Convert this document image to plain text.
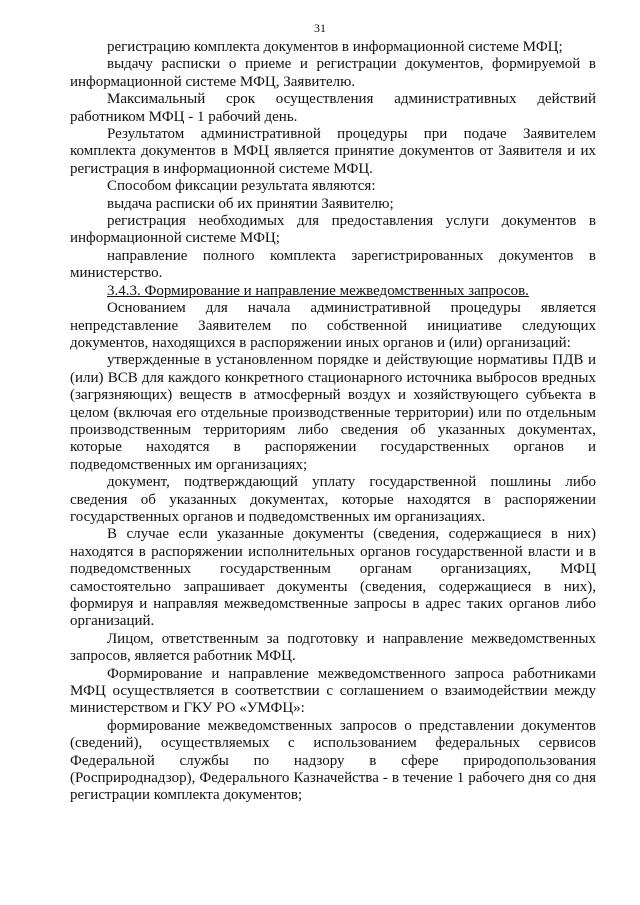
31

регистрацию комплекта документов в информационной системе МФЦ;

выдачу расписки о приеме и регистрации документов, формируемой в информационной системе МФЦ, Заявителю.

Максимальный срок осуществления административных действий работником МФЦ - 1 рабочий день.

Результатом административной процедуры при подаче Заявителем комплекта документов в МФЦ является принятие документов от Заявителя и их регистрация в информационной системе МФЦ.

Способом фиксации результата являются:

выдача расписки об их принятии Заявителю;

регистрация необходимых для предоставления услуги документов в информационной системе МФЦ;

направление полного комплекта зарегистрированных документов в министерство.

3.4.3. Формирование и направление межведомственных запросов.

Основанием для начала административной процедуры является непредставление Заявителем по собственной инициативе следующих документов, находящихся в распоряжении иных органов и (или) организаций:

утвержденные в установленном порядке и действующие нормативы ПДВ и (или) ВСВ для каждого конкретного стационарного источника выбросов вредных (загрязняющих) веществ в атмосферный воздух и хозяйствующего субъекта в целом (включая его отдельные производственные территории) или по отдельным производственным территориям либо сведения об указанных документах, которые находятся в распоряжении государственных органов и подведомственных им организациях;

документ, подтверждающий уплату государственной пошлины либо сведения об указанных документах, которые находятся в распоряжении государственных органов и подведомственных им организациях.

В случае если указанные документы (сведения, содержащиеся в них) находятся в распоряжении исполнительных органов государственной власти и в подведомственных государственным органам организациях, МФЦ самостоятельно запрашивает документы (сведения, содержащиеся в них), формируя и направляя межведомственные запросы в адрес таких органов либо организаций.

Лицом, ответственным за подготовку и направление межведомственных запросов, является работник МФЦ.

Формирование и направление межведомственного запроса работниками МФЦ осуществляется в соответствии с соглашением о взаимодействии между министерством и ГКУ РО «УМФЦ»:

формирование межведомственных запросов о представлении документов (сведений), осуществляемых с использованием федеральных сервисов Федеральной службы по надзору в сфере природопользования (Росприроднадзор), Федерального Казначейства - в течение 1 рабочего дня со дня регистрации комплекта документов;
